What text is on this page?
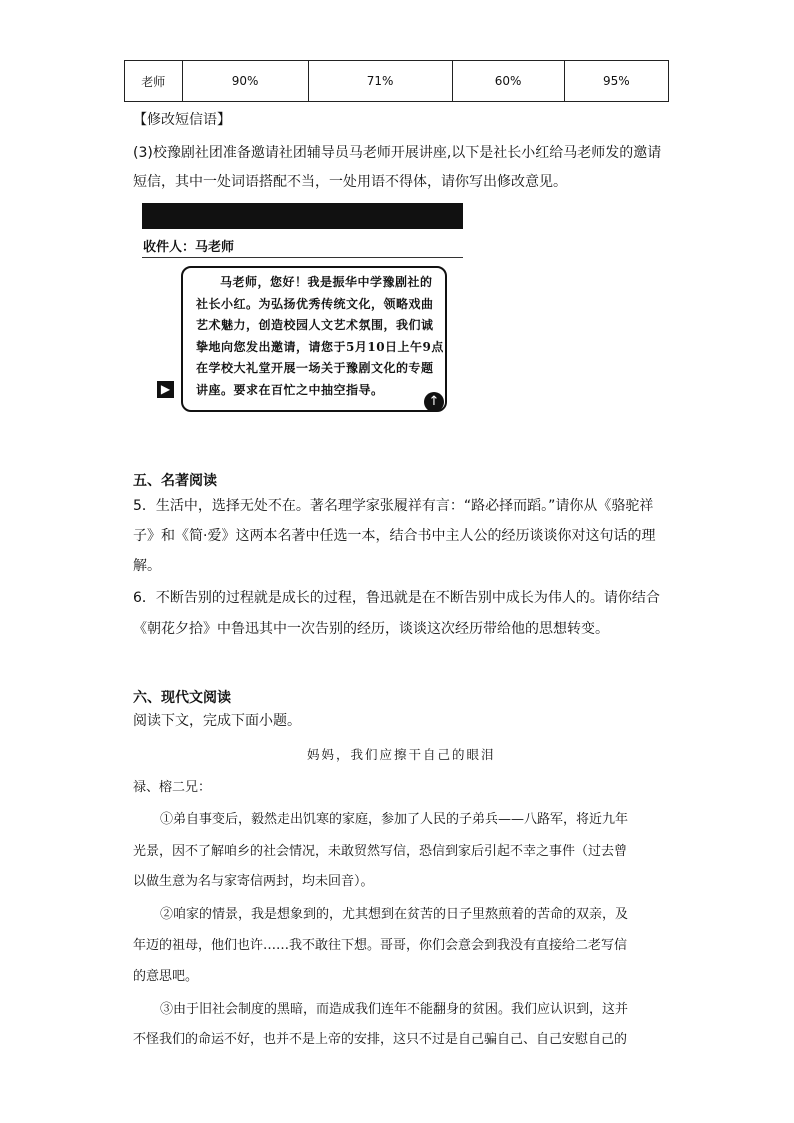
老师	90%	71%	60%	95%
【修改短信语】
(3)校豫剧社团准备邀请社团辅导员马老师开展讲座,以下是社长小红给马老师发的邀请
短信，其中一处词语搭配不当，一处用语不得体，请你写出修改意见。
收件人：马老师
马老师，您好！我是振华中学豫剧社的
社长小红。为弘扬优秀传统文化，领略戏曲
艺术魅力，创造校园人文艺术氛围，我们诚
挚地向您发出邀请，请您于5月10日上午9点
在学校大礼堂开展一场关于豫剧文化的专题
讲座。要求在百忙之中抽空指导。
▶
↑
五、名著阅读
5．生活中，选择无处不在。著名理学家张履祥有言：“路必择而蹈。”请你从《骆驼祥
子》和《简·爱》这两本名著中任选一本，结合书中主人公的经历谈谈你对这句话的理
解。
6．不断告别的过程就是成长的过程，鲁迅就是在不断告别中成长为伟人的。请你结合
《朝花夕拾》中鲁迅其中一次告别的经历，谈谈这次经历带给他的思想转变。
六、现代文阅读
阅读下文，完成下面小题。
妈妈，我们应擦干自己的眼泪
禄、榕二兄：
①弟自事变后，毅然走出饥寒的家庭，参加了人民的子弟兵——八路军，将近九年
光景，因不了解咱乡的社会情况，未敢贸然写信，恐信到家后引起不幸之事件（过去曾
以做生意为名与家寄信两封，均未回音）。
②咱家的情景，我是想象到的，尤其想到在贫苦的日子里熬煎着的苦命的双亲，及
年迈的祖母，他们也许……我不敢往下想。哥哥，你们会意会到我没有直接给二老写信
的意思吧。
③由于旧社会制度的黑暗，而造成我们连年不能翻身的贫困。我们应认识到，这并
不怪我们的命运不好，也并不是上帝的安排，这只不过是自己骗自己、自己安慰自己的
